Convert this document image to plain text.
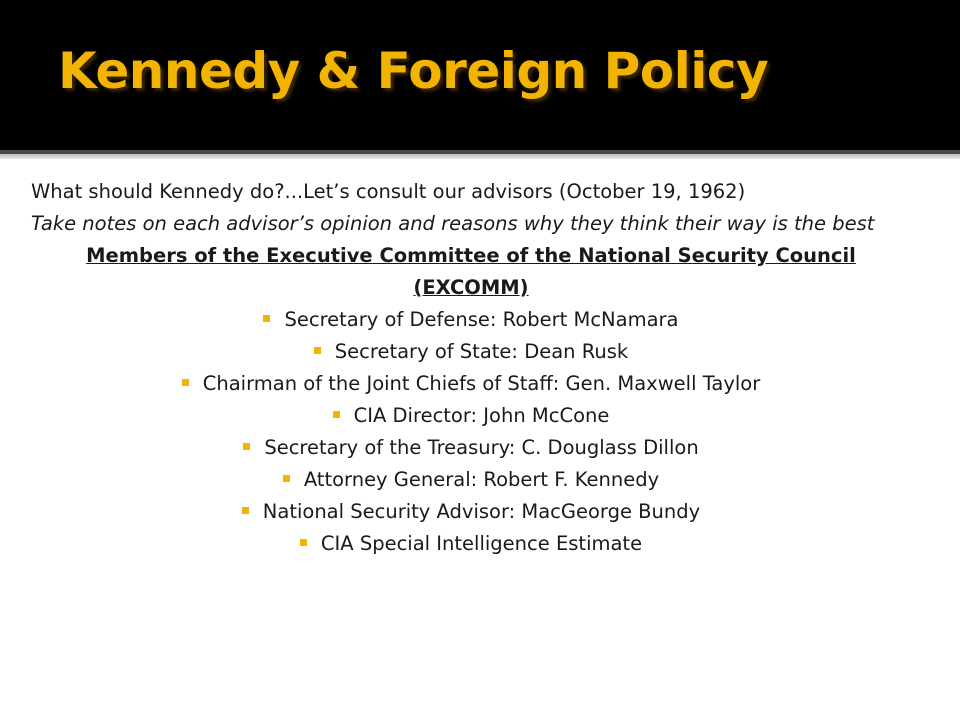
Kennedy & Foreign Policy

What should Kennedy do?...Let’s consult our advisors (October 19, 1962)

Take notes on each advisor’s opinion and reasons why they think their way is the best

Members of the Executive Committee of the National Security Council (EXCOMM)

Secretary of Defense: Robert McNamara
Secretary of State: Dean Rusk
Chairman of the Joint Chiefs of Staff: Gen. Maxwell Taylor
CIA Director: John McCone
Secretary of the Treasury: C. Douglass Dillon
Attorney General: Robert F. Kennedy
National Security Advisor: MacGeorge Bundy
CIA Special Intelligence Estimate
